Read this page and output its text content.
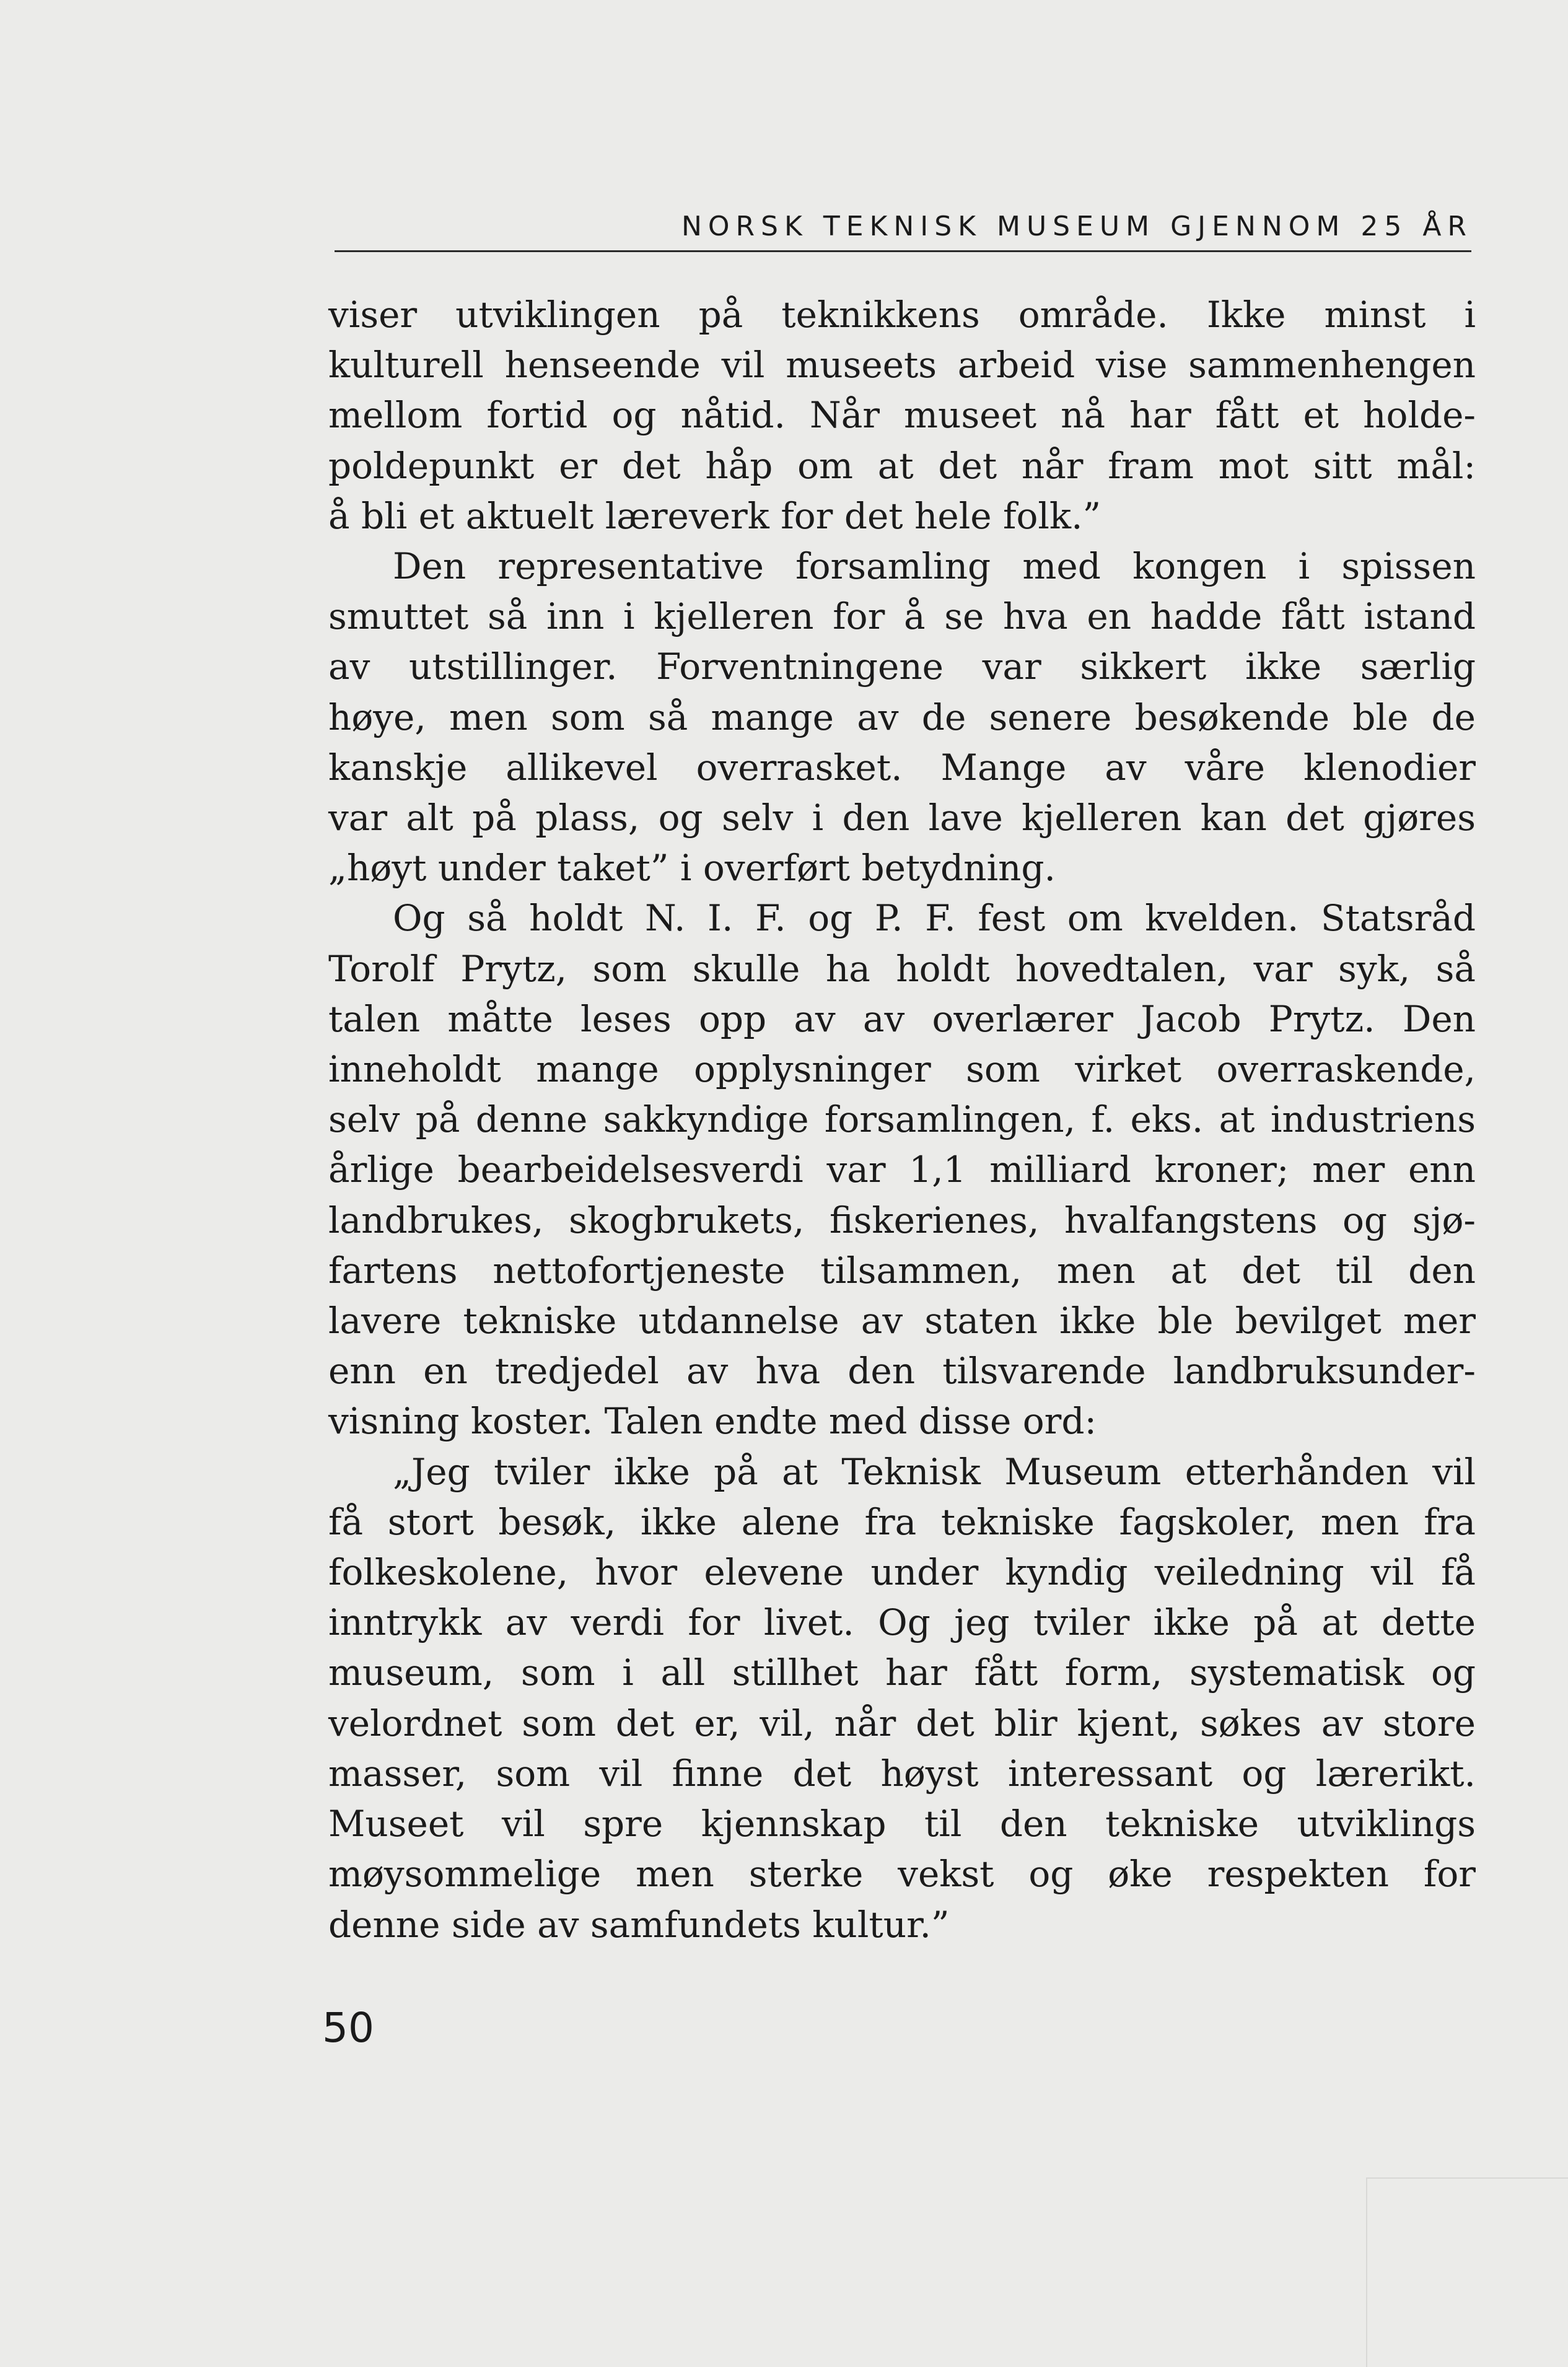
NORSK TEKNISK MUSEUM GJENNOM 25 ÅR
viser utviklingen på teknikkens område. Ikke minst i
kulturell henseende vil museets arbeid vise sammenhengen
mellom fortid og nåtid. Når museet nå har fått et holde-
poldepunkt er det håp om at det når fram mot sitt mål:
å bli et aktuelt læreverk for det hele folk.”
Den representative forsamling med kongen i spissen
smuttet så inn i kjelleren for å se hva en hadde fått istand
av utstillinger. Forventningene var sikkert ikke særlig
høye, men som så mange av de senere besøkende ble de
kanskje allikevel overrasket. Mange av våre klenodier
var alt på plass, og selv i den lave kjelleren kan det gjøres
„høyt under taket” i overført betydning.
Og så holdt N. I. F. og P. F. fest om kvelden. Statsråd
Torolf Prytz, som skulle ha holdt hovedtalen, var syk, så
talen måtte leses opp av av overlærer Jacob Prytz. Den
inneholdt mange opplysninger som virket overraskende,
selv på denne sakkyndige forsamlingen, f. eks. at industriens
årlige bearbeidelsesverdi var 1,1 milliard kroner; mer enn
landbrukes, skogbrukets, fiskerienes, hvalfangstens og sjø-
fartens nettofortjeneste tilsammen, men at det til den
lavere tekniske utdannelse av staten ikke ble bevilget mer
enn en tredjedel av hva den tilsvarende landbruksunder-
visning koster. Talen endte med disse ord:
„Jeg tviler ikke på at Teknisk Museum etterhånden vil
få stort besøk, ikke alene fra tekniske fagskoler, men fra
folkeskolene, hvor elevene under kyndig veiledning vil få
inntrykk av verdi for livet. Og jeg tviler ikke på at dette
museum, som i all stillhet har fått form, systematisk og
velordnet som det er, vil, når det blir kjent, søkes av store
masser, som vil finne det høyst interessant og lærerikt.
Museet vil spre kjennskap til den tekniske utviklings
møysommelige men sterke vekst og øke respekten for
denne side av samfundets kultur.”
50
